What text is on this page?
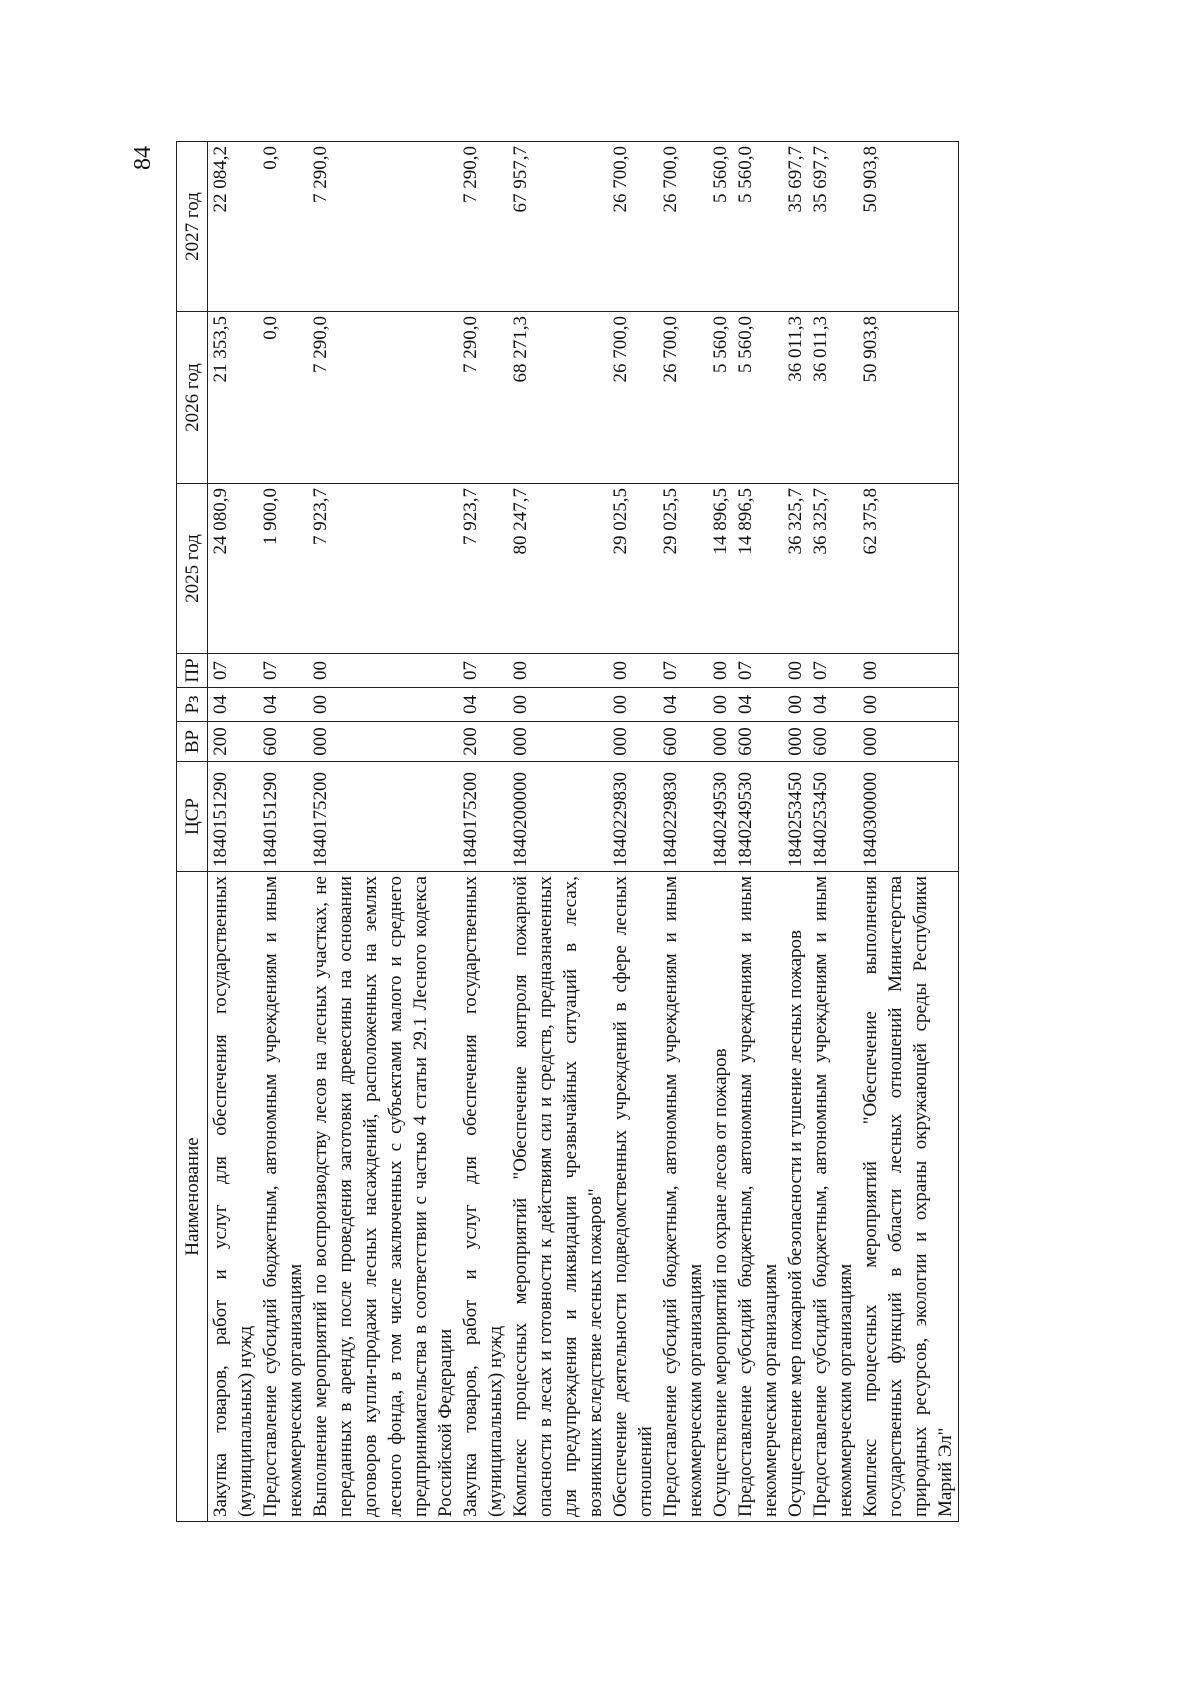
84
Наименование	ЦСР	ВР	Рз	ПР	2025 год	2026 год	2027 год
Закупка товаров, работ и услуг для обеспечения государственных (муниципальных) нужд	1840151290	200	04	07	24 080,9	21 353,5	22 084,2
Предоставление субсидий бюджетным, автономным учреждениям и иным некоммерческим организациям	1840151290	600	04	07	1 900,0	0,0	0,0
Выполнение мероприятий по воспроизводству лесов на лесных участках, не переданных в аренду, после проведения заготовки древесины на основании договоров купли-продажи лесных насаждений, расположенных на землях лесного фонда, в том числе заключенных с субъектами малого и среднего предпринимательства в соответствии с частью 4 статьи 29.1 Лесного кодекса Российской Федерации	1840175200	000	00	00	7 923,7	7 290,0	7 290,0
Закупка товаров, работ и услуг для обеспечения государственных (муниципальных) нужд	1840175200	200	04	07	7 923,7	7 290,0	7 290,0
Комплекс процессных мероприятий "Обеспечение контроля пожарной опасности в лесах и готовности к действиям сил и средств, предназначенных для предупреждения и ликвидации чрезвычайных ситуаций в лесах, возникших вследствие лесных пожаров"	1840200000	000	00	00	80 247,7	68 271,3	67 957,7
Обеспечение деятельности подведомственных учреждений в сфере лесных отношений	1840229830	000	00	00	29 025,5	26 700,0	26 700,0
Предоставление субсидий бюджетным, автономным учреждениям и иным некоммерческим организациям	1840229830	600	04	07	29 025,5	26 700,0	26 700,0
Осуществление мероприятий по охране лесов от пожаров	1840249530	000	00	00	14 896,5	5 560,0	5 560,0
Предоставление субсидий бюджетным, автономным учреждениям и иным некоммерческим организациям	1840249530	600	04	07	14 896,5	5 560,0	5 560,0
Осуществление мер пожарной безопасности и тушение лесных пожаров	1840253450	000	00	00	36 325,7	36 011,3	35 697,7
Предоставление субсидий бюджетным, автономным учреждениям и иным некоммерческим организациям	1840253450	600	04	07	36 325,7	36 011,3	35 697,7
Комплекс процессных мероприятий "Обеспечение выполнения государственных функций в области лесных отношений Министерства природных ресурсов, экологии и охраны окружающей среды Республики Марий Эл"	1840300000	000	00	00	62 375,8	50 903,8	50 903,8
